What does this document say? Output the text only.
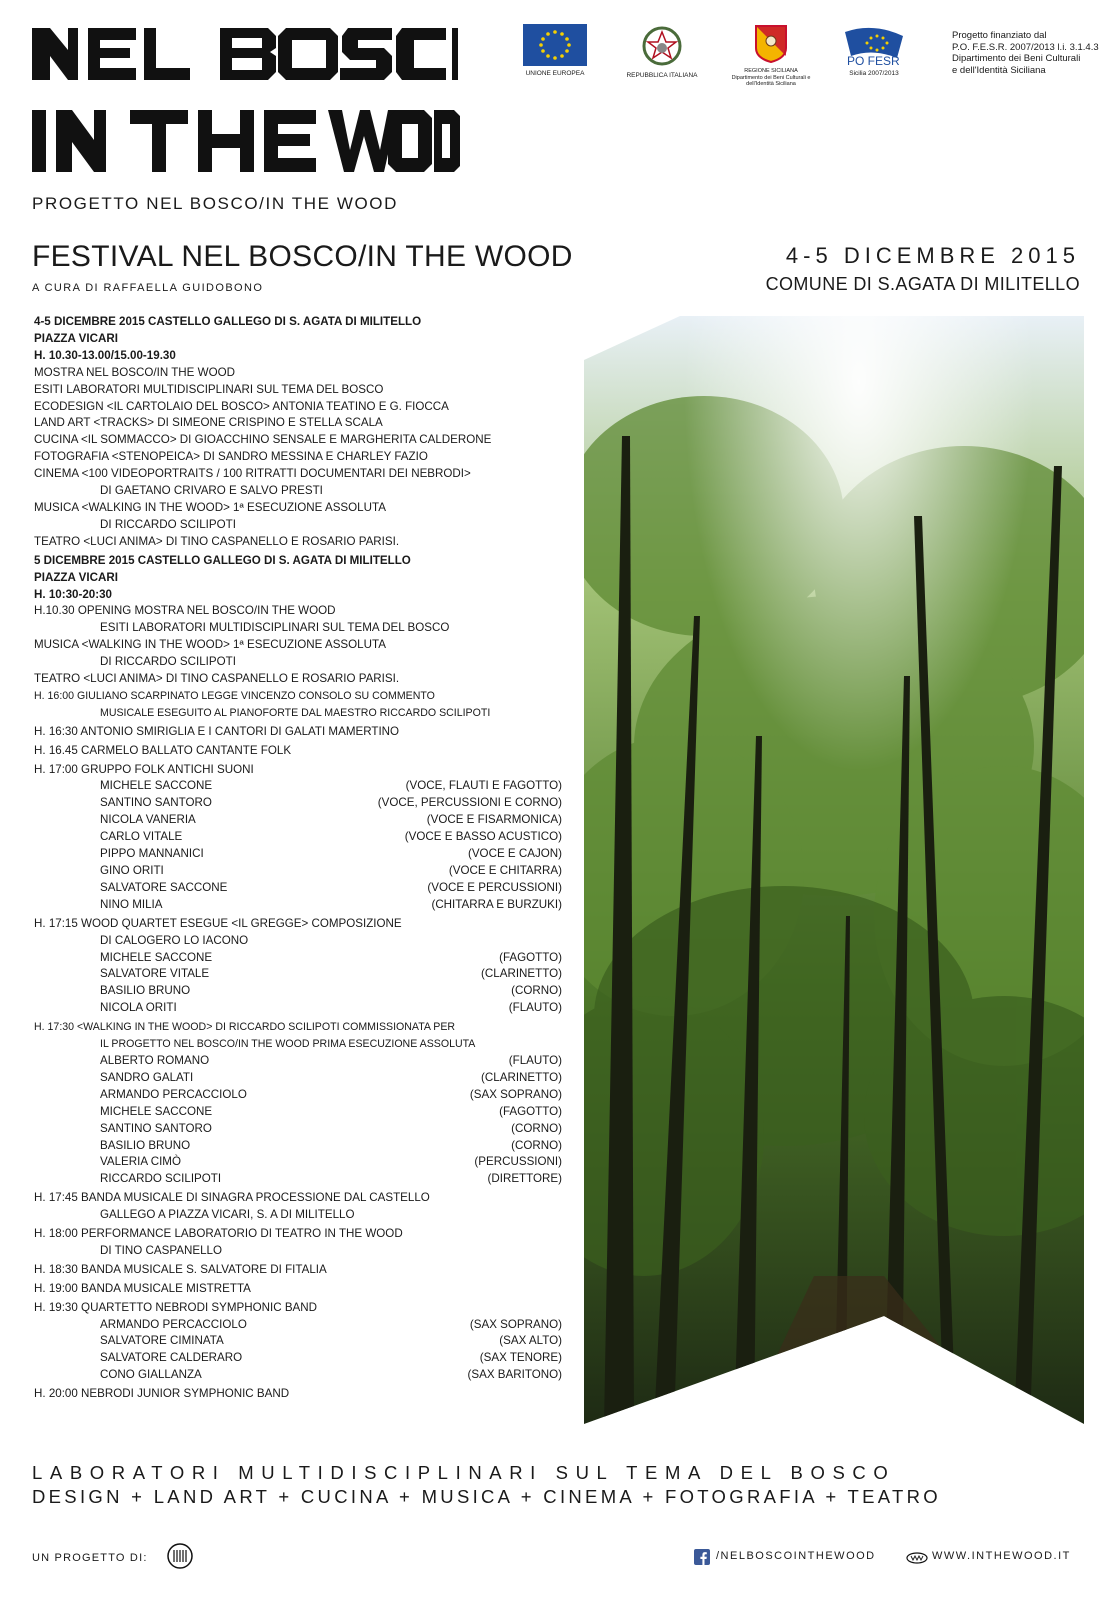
PROGETTO NEL BOSCO/IN THE WOOD
UNIONE EUROPEA	REPUBBLICA ITALIANA
REGIONE SICILIANA
Dipartimento dei Beni Culturali e
dell'Identità Siciliana
PO FESR
Sicilia 2007/2013
Progetto finanziato dal
P.O. F.E.S.R. 2007/2013 l.i. 3.1.4.3
Dipartimento dei Beni Culturali
e dell'Identità Siciliana
FESTIVAL NEL BOSCO/IN THE WOOD
A CURA DI RAFFAELLA GUIDOBONO
4-5 DICEMBRE 2015
COMUNE DI S.AGATA DI MILITELLO
4-5 DICEMBRE 2015 CASTELLO GALLEGO DI S. AGATA DI MILITELLO
PIAZZA VICARI
H. 10.30-13.00/15.00-19.30
MOSTRA NEL BOSCO/IN THE WOOD
ESITI LABORATORI MULTIDISCIPLINARI SUL TEMA DEL BOSCO
ECODESIGN <IL CARTOLAIO DEL BOSCO> ANTONIA TEATINO E G. FIOCCA
LAND ART <TRACKS> DI SIMEONE CRISPINO E STELLA SCALA
CUCINA <IL SOMMACCO> DI GIOACCHINO SENSALE E MARGHERITA CALDERONE
FOTOGRAFIA <STENOPEICA> DI SANDRO MESSINA E CHARLEY FAZIO
CINEMA <100 VIDEOPORTRAITS / 100 RITRATTI DOCUMENTARI DEI NEBRODI>
DI GAETANO CRIVARO E SALVO PRESTI
MUSICA <WALKING IN THE WOOD> 1ª ESECUZIONE ASSOLUTA
DI RICCARDO SCILIPOTI
TEATRO <LUCI ANIMA> DI TINO CASPANELLO E ROSARIO PARISI.
5 DICEMBRE 2015 CASTELLO GALLEGO DI S. AGATA DI MILITELLO
PIAZZA VICARI
H. 10:30-20:30
H.10.30 OPENING MOSTRA NEL BOSCO/IN THE WOOD
ESITI LABORATORI MULTIDISCIPLINARI SUL TEMA DEL BOSCO
MUSICA <WALKING IN THE WOOD> 1ª ESECUZIONE ASSOLUTA
DI RICCARDO SCILIPOTI
TEATRO <LUCI ANIMA> DI TINO CASPANELLO E ROSARIO PARISI.
H. 16:00 GIULIANO SCARPINATO LEGGE VINCENZO CONSOLO SU COMMENTO
MUSICALE ESEGUITO AL PIANOFORTE DAL MAESTRO RICCARDO SCILIPOTI
H. 16:30 ANTONIO SMIRIGLIA E I CANTORI DI GALATI MAMERTINO
H. 16.45 CARMELO BALLATO CANTANTE FOLK
H. 17:00 GRUPPO FOLK ANTICHI SUONI
MICHELE SACCONE	(VOCE, FLAUTI E FAGOTTO)
SANTINO SANTORO	(VOCE, PERCUSSIONI E CORNO)
NICOLA VANERIA	(VOCE E FISARMONICA)
CARLO VITALE	(VOCE E BASSO ACUSTICO)
PIPPO MANNANICI	(VOCE E CAJON)
GINO ORITI	(VOCE E CHITARRA)
SALVATORE SACCONE	(VOCE E PERCUSSIONI)
NINO MILIA	(CHITARRA E BURZUKI)
H. 17:15 WOOD QUARTET ESEGUE <IL GREGGE> COMPOSIZIONE
DI CALOGERO LO IACONO
MICHELE SACCONE	(FAGOTTO)
SALVATORE VITALE	(CLARINETTO)
BASILIO BRUNO	(CORNO)
NICOLA ORITI	(FLAUTO)
H. 17:30 <WALKING IN THE WOOD> DI RICCARDO SCILIPOTI COMMISSIONATA PER
IL PROGETTO NEL BOSCO/IN THE WOOD PRIMA ESECUZIONE ASSOLUTA
ALBERTO ROMANO	(FLAUTO)
SANDRO GALATI	(CLARINETTO)
ARMANDO PERCACCIOLO	(SAX SOPRANO)
MICHELE SACCONE	(FAGOTTO)
SANTINO SANTORO	(CORNO)
BASILIO BRUNO	(CORNO)
VALERIA CIMÒ	(PERCUSSIONI)
RICCARDO SCILIPOTI	(DIRETTORE)
H. 17:45 BANDA MUSICALE DI SINAGRA PROCESSIONE DAL CASTELLO
GALLEGO A PIAZZA VICARI, S. A DI MILITELLO
H. 18:00 PERFORMANCE LABORATORIO DI TEATRO IN THE WOOD
DI TINO CASPANELLO
H. 18:30 BANDA MUSICALE S. SALVATORE DI FITALIA
H. 19:00 BANDA MUSICALE MISTRETTA
H. 19:30 QUARTETTO NEBRODI SYMPHONIC BAND
ARMANDO PERCACCIOLO	(SAX SOPRANO)
SALVATORE CIMINATA	(SAX ALTO)
SALVATORE CALDERARO	(SAX TENORE)
CONO GIALLANZA	(SAX BARITONO)
H. 20:00 NEBRODI JUNIOR SYMPHONIC BAND
LABORATORI MULTIDISCIPLINARI SUL TEMA DEL BOSCO
DESIGN + LAND ART + CUCINA + MUSICA + CINEMA + FOTOGRAFIA + TEATRO
UN PROGETTO DI:	/NELBOSCOINTHEWOOD	WWW.INTHEWOOD.IT
